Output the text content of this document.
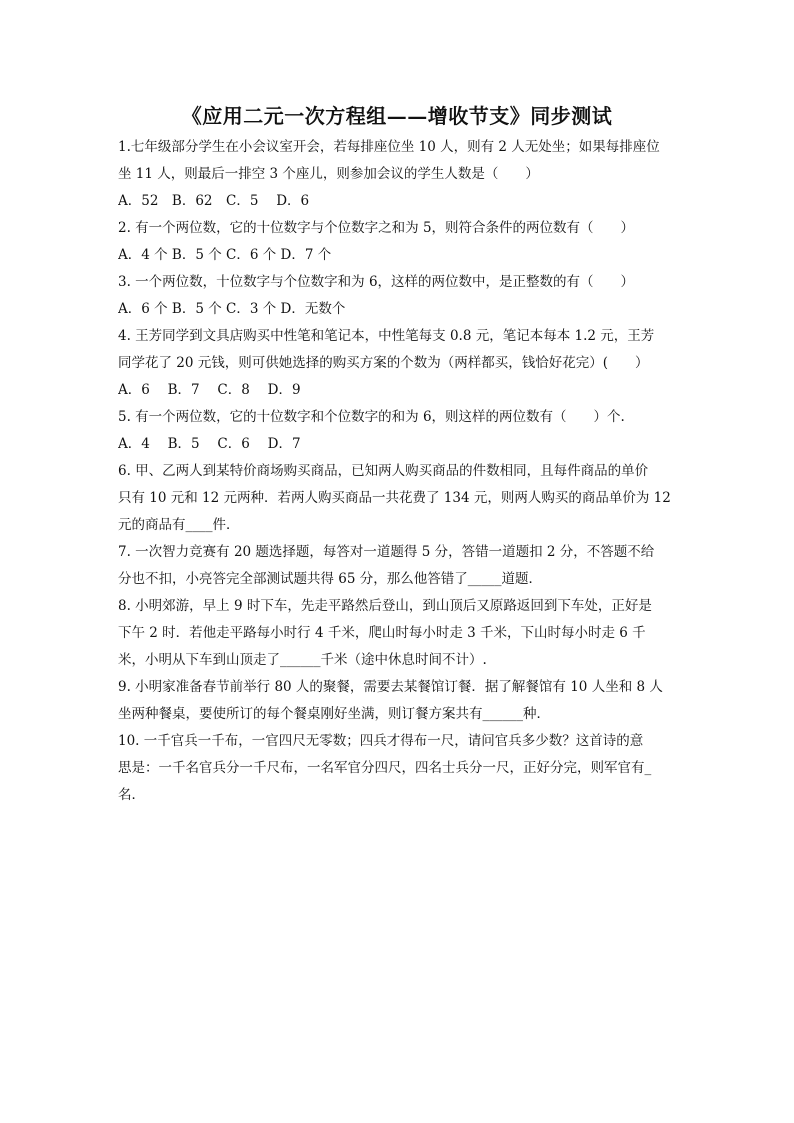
《应用二元一次方程组——增收节支》同步测试
1.七年级部分学生在小会议室开会，若每排座位坐 10 人，则有 2 人无处坐；如果每排座位
坐 11 人，则最后一排空 3 个座儿，则参加会议的学生人数是（　　）
A．52　B．62　C．5　 D．6
2. 有一个两位数，它的十位数字与个位数字之和为 5，则符合条件的两位数有（　　）
A．4 个 B．5 个 C．6 个 D．7 个
3. 一个两位数，十位数字与个位数字和为 6，这样的两位数中，是正整数的有（　　）
A．6 个 B．5 个 C．3 个 D．无数个
4. 王芳同学到文具店购买中性笔和笔记本，中性笔每支 0.8 元，笔记本每本 1.2 元，王芳
同学花了 20 元钱，则可供她选择的购买方案的个数为（两样都买，钱恰好花完）(　　）
A．6　 B．7　 C．8　 D．9
5. 有一个两位数，它的十位数字和个位数字的和为 6，则这样的两位数有（　　）个.
A．4　 B．5　 C．6　 D．7
6. 甲、乙两人到某特价商场购买商品，已知两人购买商品的件数相同，且每件商品的单价
只有 10 元和 12 元两种．若两人购买商品一共花费了 134 元，则两人购买的商品单价为 12
元的商品有____件．
7. 一次智力竞赛有 20 题选择题，每答对一道题得 5 分，答错一道题扣 2 分，不答题不给
分也不扣，小亮答完全部测试题共得 65 分，那么他答错了_____道题．
8. 小明郊游，早上 9 时下车，先走平路然后登山，到山顶后又原路返回到下车处，正好是
下午 2 时．若他走平路每小时行 4 千米，爬山时每小时走 3 千米，下山时每小时走 6 千
米，小明从下车到山顶走了______千米（途中休息时间不计）.
9. 小明家准备春节前举行 80 人的聚餐，需要去某餐馆订餐．据了解餐馆有 10 人坐和 8 人
坐两种餐桌，要使所订的每个餐桌刚好坐满，则订餐方案共有______种．
10. 一千官兵一千布，一官四尺无零数；四兵才得布一尺，请问官兵多少数？这首诗的意
思是：一千名官兵分一千尺布，一名军官分四尺，四名士兵分一尺，正好分完，则军官有_
名．
